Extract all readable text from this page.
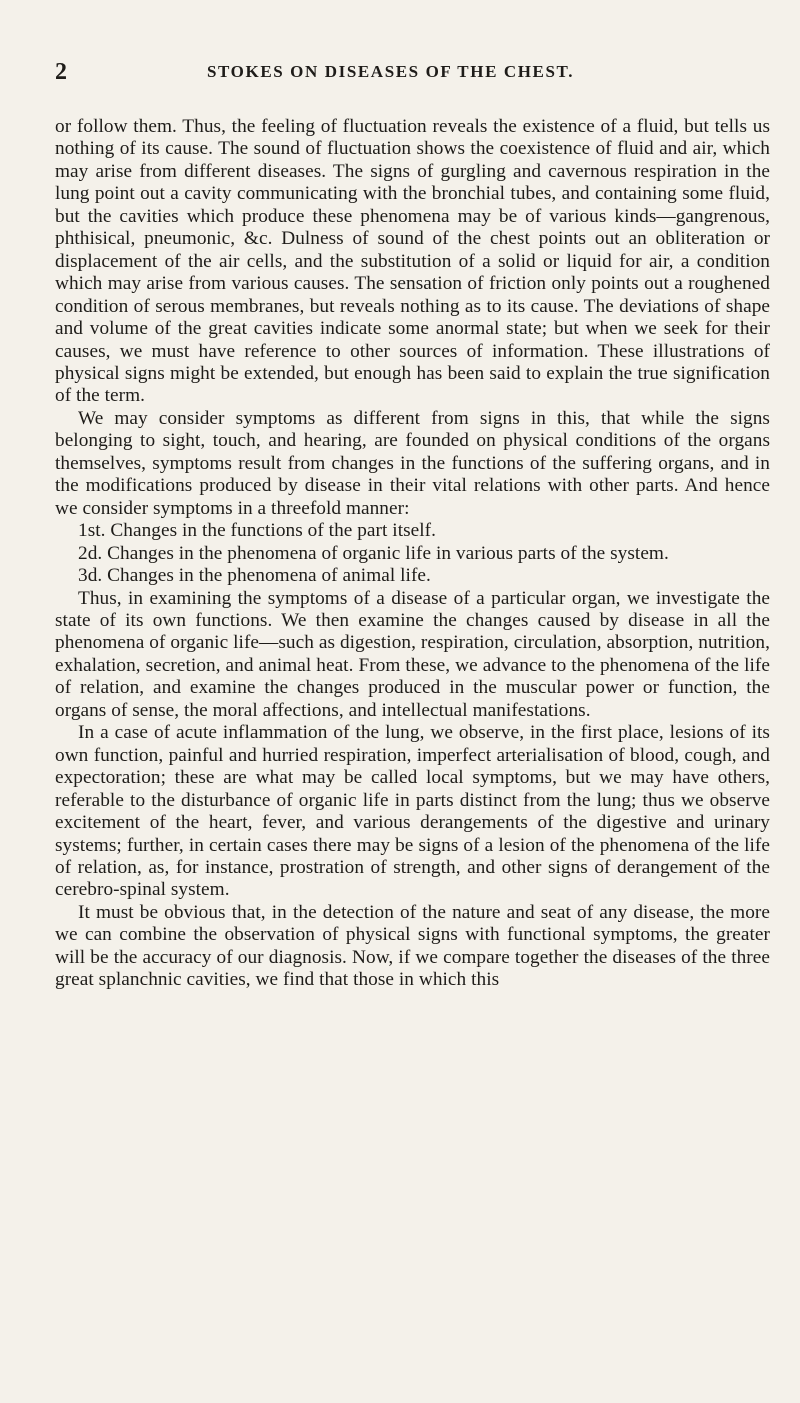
2	STOKES ON DISEASES OF THE CHEST.

or follow them. Thus, the feeling of fluctuation reveals the existence of a fluid, but tells us nothing of its cause. The sound of fluctuation shows the coexistence of fluid and air, which may arise from different diseases. The signs of gurgling and cavernous respiration in the lung point out a cavity communicating with the bronchial tubes, and containing some fluid, but the cavities which produce these phenomena may be of various kinds—gangrenous, phthisical, pneumonic, &c. Dulness of sound of the chest points out an obliteration or displacement of the air cells, and the substitution of a solid or liquid for air, a condition which may arise from various causes. The sensation of friction only points out a roughened condition of serous membranes, but reveals nothing as to its cause. The deviations of shape and volume of the great cavities indicate some anormal state; but when we seek for their causes, we must have reference to other sources of information. These illustrations of physical signs might be extended, but enough has been said to explain the true signification of the term.

We may consider symptoms as different from signs in this, that while the signs belonging to sight, touch, and hearing, are founded on physical conditions of the organs themselves, symptoms result from changes in the functions of the suffering organs, and in the modifications produced by disease in their vital relations with other parts. And hence we consider symptoms in a threefold manner:

1st. Changes in the functions of the part itself.

2d. Changes in the phenomena of organic life in various parts of the system.

3d. Changes in the phenomena of animal life.

Thus, in examining the symptoms of a disease of a particular organ, we investigate the state of its own functions. We then examine the changes caused by disease in all the phenomena of organic life—such as digestion, respiration, circulation, absorption, nutrition, exhalation, secretion, and animal heat. From these, we advance to the phenomena of the life of relation, and examine the changes produced in the muscular power or function, the organs of sense, the moral affections, and intellectual manifestations.

In a case of acute inflammation of the lung, we observe, in the first place, lesions of its own function, painful and hurried respiration, imperfect arterialisation of blood, cough, and expectoration; these are what may be called local symptoms, but we may have others, referable to the disturbance of organic life in parts distinct from the lung; thus we observe excitement of the heart, fever, and various derangements of the digestive and urinary systems; further, in certain cases there may be signs of a lesion of the phenomena of the life of relation, as, for instance, prostration of strength, and other signs of derangement of the cerebro-spinal system.

It must be obvious that, in the detection of the nature and seat of any disease, the more we can combine the observation of physical signs with functional symptoms, the greater will be the accuracy of our diagnosis. Now, if we compare together the diseases of the three great splanchnic cavities, we find that those in which this
